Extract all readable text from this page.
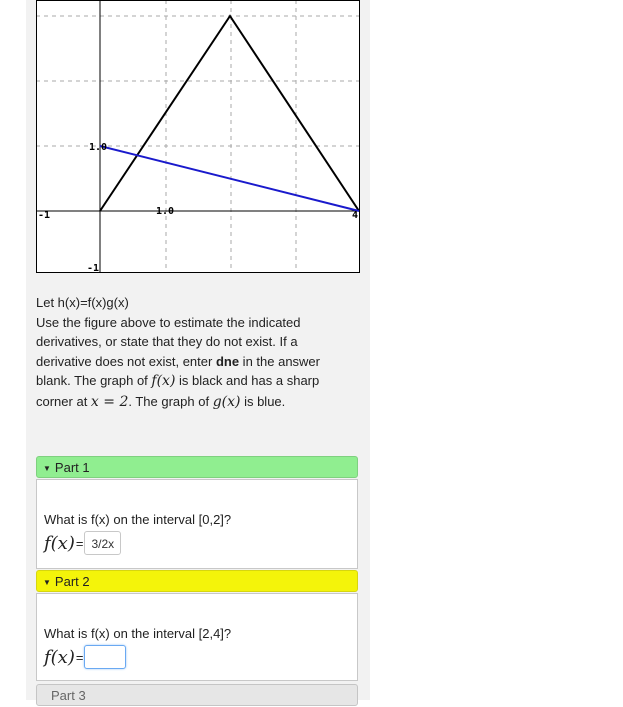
-1	1.0	4
1.0
-1

Let h(x)=f(x)g(x)

Use the figure above to estimate the indicated derivatives, or state that they do not exist. If a derivative does not exist, enter dne in the answer blank. The graph of f(x) is black and has a sharp corner at x = 2. The graph of g(x) is blue.

▼ Part 1
What is f(x) on the interval [0,2]?
f(x) = 3/2x
▼ Part 2
What is f(x) on the interval [2,4]?
f(x) =
Part 3
